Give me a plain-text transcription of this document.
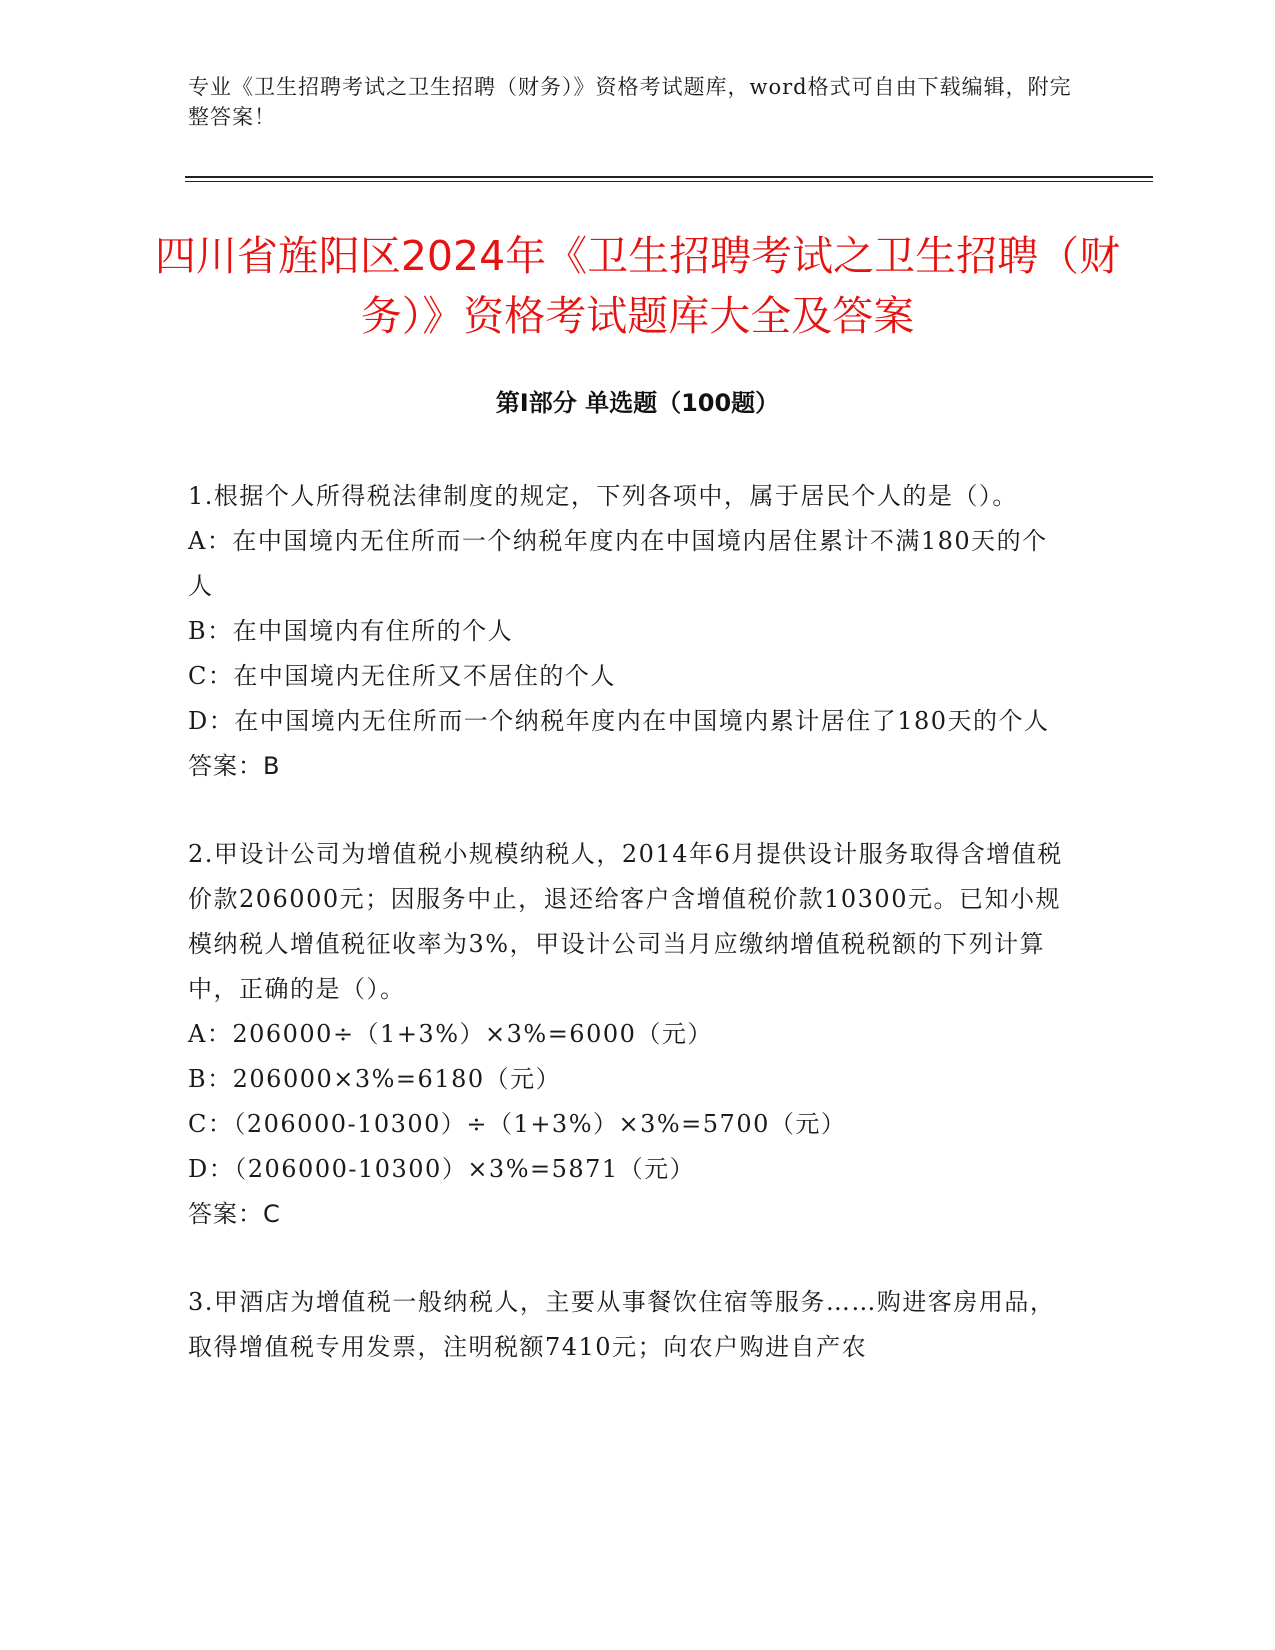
专业《卫生招聘考试之卫生招聘（财务）》资格考试题库，word格式可自由下载编辑，附完整答案！
四川省旌阳区2024年《卫生招聘考试之卫生招聘（财务）》资格考试题库大全及答案
第Ⅰ部分 单选题（100题）

1.根据个人所得税法律制度的规定，下列各项中，属于居民个人的是（）。

A：在中国境内无住所而一个纳税年度内在中国境内居住累计不满180天的个人

B：在中国境内有住所的个人

C：在中国境内无住所又不居住的个人

D：在中国境内无住所而一个纳税年度内在中国境内累计居住了180天的个人

答案：B

2.甲设计公司为增值税小规模纳税人，2014年6月提供设计服务取得含增值税价款206000元；因服务中止，退还给客户含增值税价款10300元。已知小规模纳税人增值税征收率为3%，甲设计公司当月应缴纳增值税税额的下列计算中，正确的是（）。

A：206000÷（1+3%）×3%=6000（元）

B：206000×3%=6180（元）

C：（206000-10300）÷（1+3%）×3%=5700（元）

D：（206000-10300）×3%=5871（元）

答案：C

3.甲酒店为增值税一般纳税人，主要从事餐饮住宿等服务……购进客房用品，取得增值税专用发票，注明税额7410元；向农户购进自产农
